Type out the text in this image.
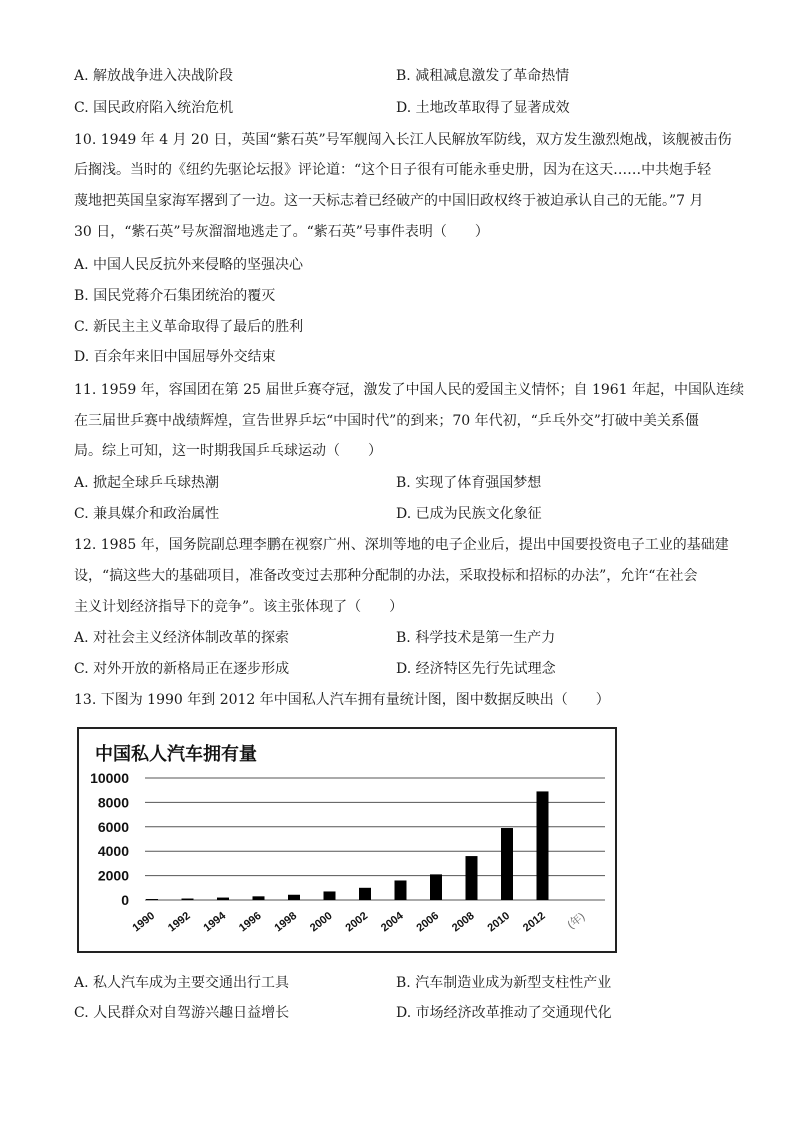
A. 解放战争进入决战阶段	B. 减租减息激发了革命热情
C. 国民政府陷入统治危机	D. 土地改革取得了显著成效
10. 1949 年 4 月 20 日，英国“紫石英”号军舰闯入长江人民解放军防线，双方发生激烈炮战，该舰被击伤
后搁浅。当时的《纽约先驱论坛报》评论道：“这个日子很有可能永垂史册，因为在这天……中共炮手轻
蔑地把英国皇家海军撂到了一边。这一天标志着已经破产的中国旧政权终于被迫承认自己的无能。”7 月
30 日，“紫石英”号灰溜溜地逃走了。“紫石英”号事件表明（　　）
A. 中国人民反抗外来侵略的坚强决心
B. 国民党蒋介石集团统治的覆灭
C. 新民主主义革命取得了最后的胜利
D. 百余年来旧中国屈辱外交结束
11. 1959 年，容国团在第 25 届世乒赛夺冠，激发了中国人民的爱国主义情怀；自 1961 年起，中国队连续
在三届世乒赛中战绩辉煌，宣告世界乒坛“中国时代”的到来；70 年代初，“乒乓外交”打破中美关系僵
局。综上可知，这一时期我国乒乓球运动（　　）
A. 掀起全球乒乓球热潮	B. 实现了体育强国梦想
C. 兼具媒介和政治属性	D. 已成为民族文化象征
12. 1985 年，国务院副总理李鹏在视察广州、深圳等地的电子企业后，提出中国要投资电子工业的基础建
设，“搞这些大的基础项目，准备改变过去那种分配制的办法，采取投标和招标的办法”，允许“在社会
主义计划经济指导下的竞争”。该主张体现了（　　）
A. 对社会主义经济体制改革的探索	B. 科学技术是第一生产力
C. 对外开放的新格局正在逐步形成	D. 经济特区先行先试理念
13. 下图为 1990 年到 2012 年中国私人汽车拥有量统计图，图中数据反映出（　　）
中国私人汽车拥有量
10000
8000
6000
4000
2000
0
1990 1992 1994 1996 1998 2000 2002 2004 2006 2008 2010 2012 (年)
A. 私人汽车成为主要交通出行工具	B. 汽车制造业成为新型支柱性产业
C. 人民群众对自驾游兴趣日益增长	D. 市场经济改革推动了交通现代化
